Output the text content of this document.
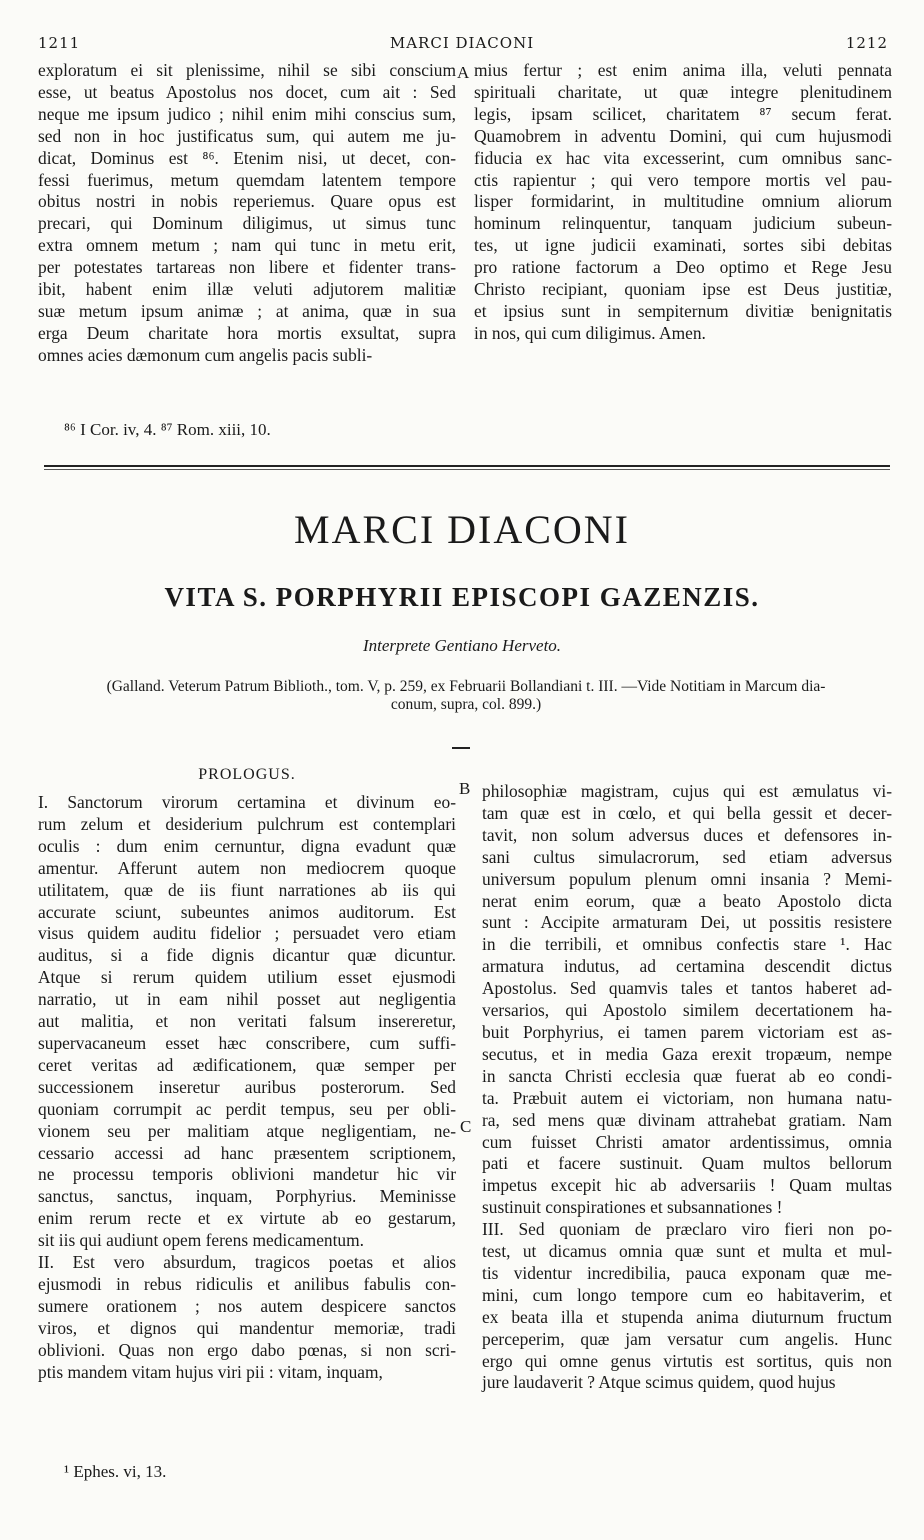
1211	MARCI DIACONI	1212
exploratum ei sit plenissime, nihil se sibi conscium
esse, ut beatus Apostolus nos docet, cum ait : Sed
neque me ipsum judico ; nihil enim mihi conscius sum,
sed non in hoc justificatus sum, qui autem me ju-
dicat, Dominus est ⁸⁶. Etenim nisi, ut decet, con-
fessi fuerimus, metum quemdam latentem tempore
obitus nostri in nobis reperiemus. Quare opus est
precari, qui Dominum diligimus, ut simus tunc
extra omnem metum ; nam qui tunc in metu erit,
per potestates tartareas non libere et fidenter trans-
ibit, habent enim illæ veluti adjutorem malitiæ
suæ metum ipsum animæ ; at anima, quæ in sua
erga Deum charitate hora mortis exsultat, supra
omnes acies dæmonum cum angelis pacis subli-
A mius fertur ; est enim anima illa, veluti pennata
spirituali charitate, ut quæ integre plenitudinem
legis, ipsam scilicet, charitatem ⁸⁷ secum ferat.
Quamobrem in adventu Domini, qui cum hujusmodi
fiducia ex hac vita excesserint, cum omnibus sanc-
ctis rapientur ; qui vero tempore mortis vel pau-
lisper formidarint, in multitudine omnium aliorum
hominum relinquentur, tanquam judicium subeun-
tes, ut igne judicii examinati, sortes sibi debitas
pro ratione factorum a Deo optimo et Rege Jesu
Christo recipiant, quoniam ipse est Deus justitiæ,
et ipsius sunt in sempiternum divitiæ benignitatis
in nos, qui cum diligimus. Amen.
⁸⁶ I Cor. iv, 4. ⁸⁷ Rom. xiii, 10.
MARCI DIACONI
VITA S. PORPHYRII EPISCOPI GAZENZIS.
Interprete Gentiano Herveto.
(Galland. Veterum Patrum Biblioth., tom. V, p. 259, ex Februarii Bollandiani t. III. —Vide Notitiam in Marcum dia-
conum, supra, col. 899.)
PROLOGUS.
I. Sanctorum virorum certamina et divinum eo-
rum zelum et desiderium pulchrum est contemplari
oculis : dum enim cernuntur, digna evadunt quæ
amentur. Afferunt autem non mediocrem quoque
utilitatem, quæ de iis fiunt narrationes ab iis qui
accurate sciunt, subeuntes animos auditorum. Est
visus quidem auditu fidelior ; persuadet vero etiam
auditus, si a fide dignis dicantur quæ dicuntur.
Atque si rerum quidem utilium esset ejusmodi
narratio, ut in eam nihil posset aut negligentia
aut malitia, et non veritati falsum insereretur,
supervacaneum esset hæc conscribere, cum suffi-
ceret veritas ad ædificationem, quæ semper per
successionem inseretur auribus posterorum. Sed
quoniam corrumpit ac perdit tempus, seu per obli-
vionem seu per malitiam atque negligentiam, ne-
cessario accessi ad hanc præsentem scriptionem,
ne processu temporis oblivioni mandetur hic vir
sanctus, sanctus, inquam, Porphyrius. Meminisse
enim rerum recte et ex virtute ab eo gestarum,
sit iis qui audiunt opem ferens medicamentum.
II. Est vero absurdum, tragicos poetas et alios
ejusmodi in rebus ridiculis et anilibus fabulis con-
sumere orationem ; nos autem despicere sanctos
viros, et dignos qui mandentur memoriæ, tradi
oblivioni. Quas non ergo dabo pœnas, si non scri-
ptis mandem vitam hujus viri pii : vitam, inquam,
B
C
philosophiæ magistram, cujus qui est æmulatus vi-
tam quæ est in cœlo, et qui bella gessit et decer-
tavit, non solum adversus duces et defensores in-
sani cultus simulacrorum, sed etiam adversus
universum populum plenum omni insania ? Memi-
nerat enim eorum, quæ a beato Apostolo dicta
sunt : Accipite armaturam Dei, ut possitis resistere
in die terribili, et omnibus confectis stare ¹. Hac
armatura indutus, ad certamina descendit dictus
Apostolus. Sed quamvis tales et tantos haberet ad-
versarios, qui Apostolo similem decertationem ha-
buit Porphyrius, ei tamen parem victoriam est as-
secutus, et in media Gaza erexit tropæum, nempe
in sancta Christi ecclesia quæ fuerat ab eo condi-
ta. Præbuit autem ei victoriam, non humana natu-
ra, sed mens quæ divinam attrahebat gratiam. Nam
cum fuisset Christi amator ardentissimus, omnia
pati et facere sustinuit. Quam multos bellorum
impetus excepit hic ab adversariis ! Quam multas
sustinuit conspirationes et subsannationes !
III. Sed quoniam de præclaro viro fieri non po-
test, ut dicamus omnia quæ sunt et multa et mul-
tis videntur incredibilia, pauca exponam quæ me-
mini, cum longo tempore cum eo habitaverim, et
ex beata illa et stupenda anima diuturnum fructum
perceperim, quæ jam versatur cum angelis. Hunc
ergo qui omne genus virtutis est sortitus, quis non
jure laudaverit ? Atque scimus quidem, quod hujus
¹ Ephes. vi, 13.
